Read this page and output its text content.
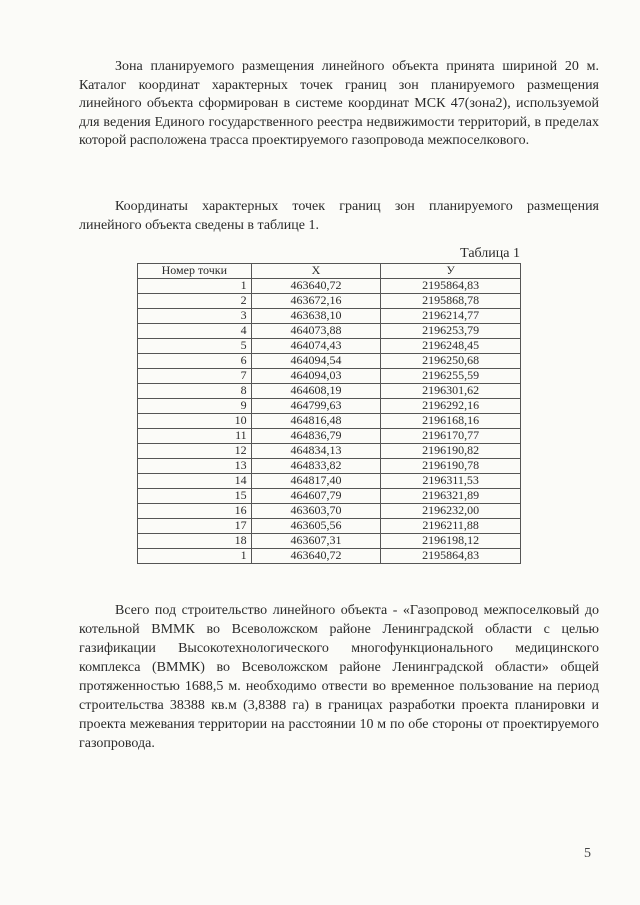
Зона планируемого размещения линейного объекта принята шириной 20 м. Каталог координат характерных точек границ зон планируемого размещения линейного объекта сформирован в системе координат МСК 47(зона2), используемой для ведения Единого государственного реестра недвижимости территорий, в пределах которой расположена трасса проектируемого газопровода межпоселкового.

Координаты характерных точек границ зон планируемого размещения линейного объекта сведены в таблице 1.

Таблица 1
Номер точки	X	У
1	463640,72	2195864,83
2	463672,16	2195868,78
3	463638,10	2196214,77
4	464073,88	2196253,79
5	464074,43	2196248,45
6	464094,54	2196250,68
7	464094,03	2196255,59
8	464608,19	2196301,62
9	464799,63	2196292,16
10	464816,48	2196168,16
11	464836,79	2196170,77
12	464834,13	2196190,82
13	464833,82	2196190,78
14	464817,40	2196311,53
15	464607,79	2196321,89
16	463603,70	2196232,00
17	463605,56	2196211,88
18	463607,31	2196198,12
1	463640,72	2195864,83

Всего под строительство линейного объекта - «Газопровод межпоселковый до котельной ВММК во Всеволожском районе Ленинградской области с целью газификации Высокотехнологического многофункционального медицинского комплекса (ВММК) во Всеволожском районе Ленинградской области» общей протяженностью 1688,5 м. необходимо отвести во временное пользование на период строительства 38388 кв.м (3,8388 га) в границах разработки проекта планировки и проекта межевания территории на расстоянии 10 м по обе стороны от проектируемого газопровода.

5
